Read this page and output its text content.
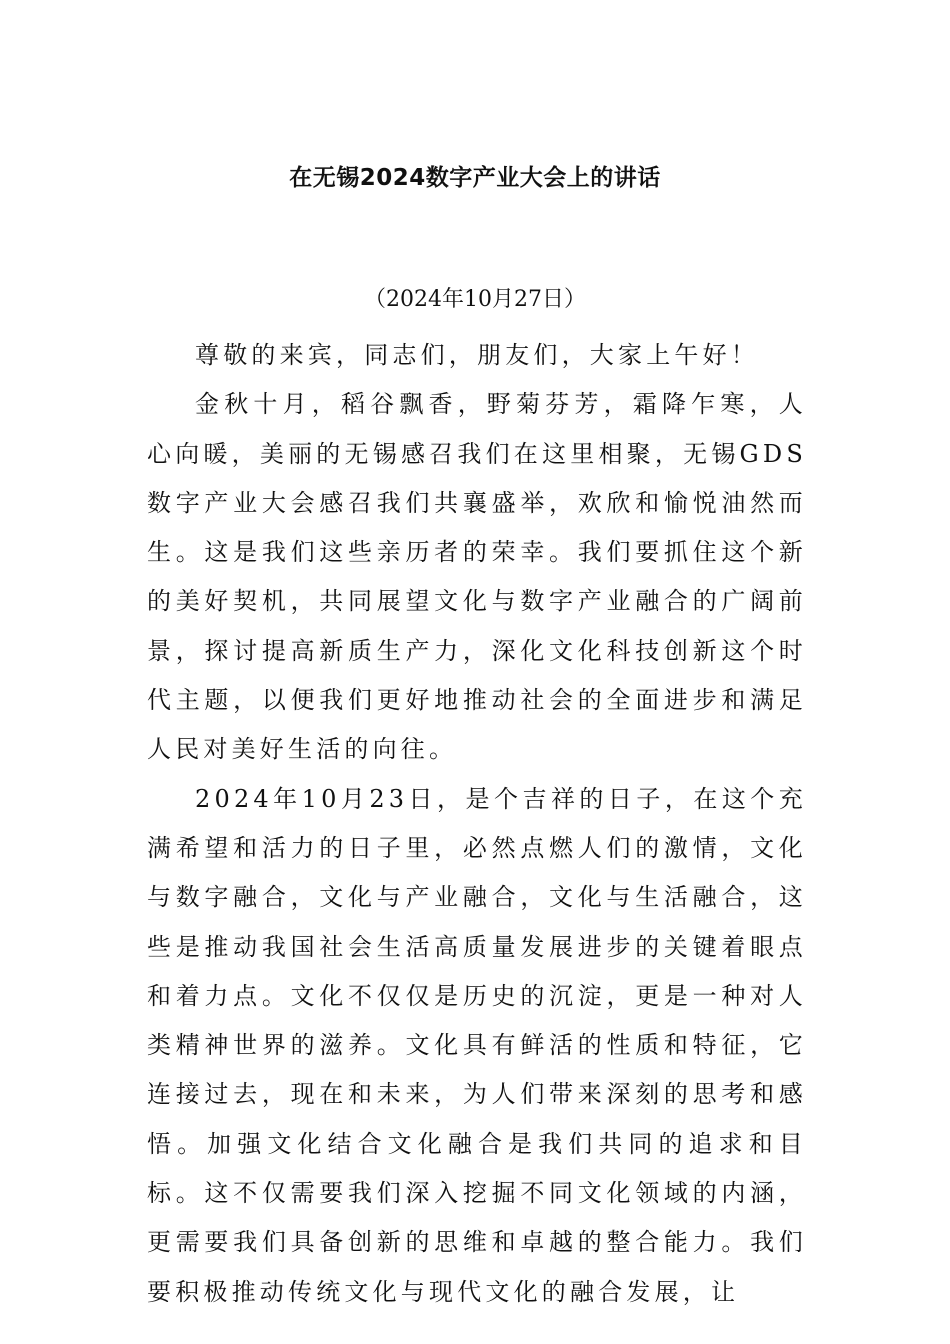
在无锡2024数字产业大会上的讲话

（2024年10月27日）

尊敬的来宾，同志们，朋友们，大家上午好！

金秋十月，稻谷飘香，野菊芬芳，霜降乍寒，人心向暖，美丽的无锡感召我们在这里相聚，无锡GDS数字产业大会感召我们共襄盛举，欢欣和愉悦油然而生。这是我们这些亲历者的荣幸。我们要抓住这个新的美好契机，共同展望文化与数字产业融合的广阔前景，探讨提高新质生产力，深化文化科技创新这个时代主题，以便我们更好地推动社会的全面进步和满足人民对美好生活的向往。

2024年10月23日，是个吉祥的日子，在这个充满希望和活力的日子里，必然点燃人们的激情，文化与数字融合，文化与产业融合，文化与生活融合，这些是推动我国社会生活高质量发展进步的关键着眼点和着力点。文化不仅仅是历史的沉淀，更是一种对人类精神世界的滋养。文化具有鲜活的性质和特征，它连接过去，现在和未来，为人们带来深刻的思考和感悟。加强文化结合文化融合是我们共同的追求和目标。这不仅需要我们深入挖掘不同文化领域的内涵，更需要我们具备创新的思维和卓越的整合能力。我们要积极推动传统文化与现代文化的融合发展，让
